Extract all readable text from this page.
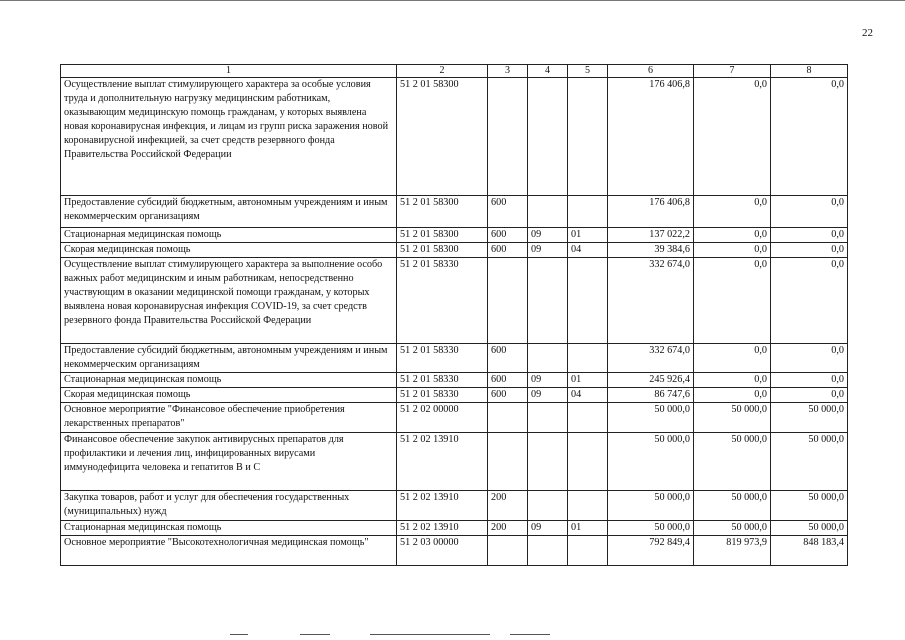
22
1	2	3	4	5	6	7	8
Осуществление выплат стимулирующего характера за особые условия труда и дополнительную нагрузку медицинским работникам, оказывающим медицинскую помощь гражданам, у которых выявлена новая коронавирусная инфекция, и лицам из групп риска заражения новой коронавирусной инфекцией, за счет средств резервного фонда Правительства Российской Федерации	51 2 01 58300				176 406,8	0,0	0,0
Предоставление субсидий бюджетным, автономным учреждениям и иным некоммерческим организациям	51 2 01 58300	600			176 406,8	0,0	0,0
Стационарная медицинская помощь	51 2 01 58300	600	09	01	137 022,2	0,0	0,0
Скорая медицинская помощь	51 2 01 58300	600	09	04	39 384,6	0,0	0,0
Осуществление выплат стимулирующего характера за выполнение особо важных работ медицинским и иным работникам, непосредственно участвующим в оказании медицинской помощи гражданам, у которых выявлена новая коронавирусная инфекция COVID-19, за счет средств резервного фонда Правительства Российской Федерации	51 2 01 58330				332 674,0	0,0	0,0
Предоставление субсидий бюджетным, автономным учреждениям и иным некоммерческим организациям	51 2 01 58330	600			332 674,0	0,0	0,0
Стационарная медицинская помощь	51 2 01 58330	600	09	01	245 926,4	0,0	0,0
Скорая медицинская помощь	51 2 01 58330	600	09	04	86 747,6	0,0	0,0
Основное мероприятие "Финансовое обеспечение приобретения лекарственных препаратов"	51 2 02 00000				50 000,0	50 000,0	50 000,0
Финансовое обеспечение закупок антивирусных препаратов для профилактики и лечения лиц, инфицированных вирусами иммунодефицита человека и гепатитов В и С	51 2 02 13910				50 000,0	50 000,0	50 000,0
Закупка товаров, работ и услуг для обеспечения государственных (муниципальных) нужд	51 2 02 13910	200			50 000,0	50 000,0	50 000,0
Стационарная медицинская помощь	51 2 02 13910	200	09	01	50 000,0	50 000,0	50 000,0
Основное мероприятие "Высокотехнологичная медицинская помощь"	51 2 03 00000				792 849,4	819 973,9	848 183,4
